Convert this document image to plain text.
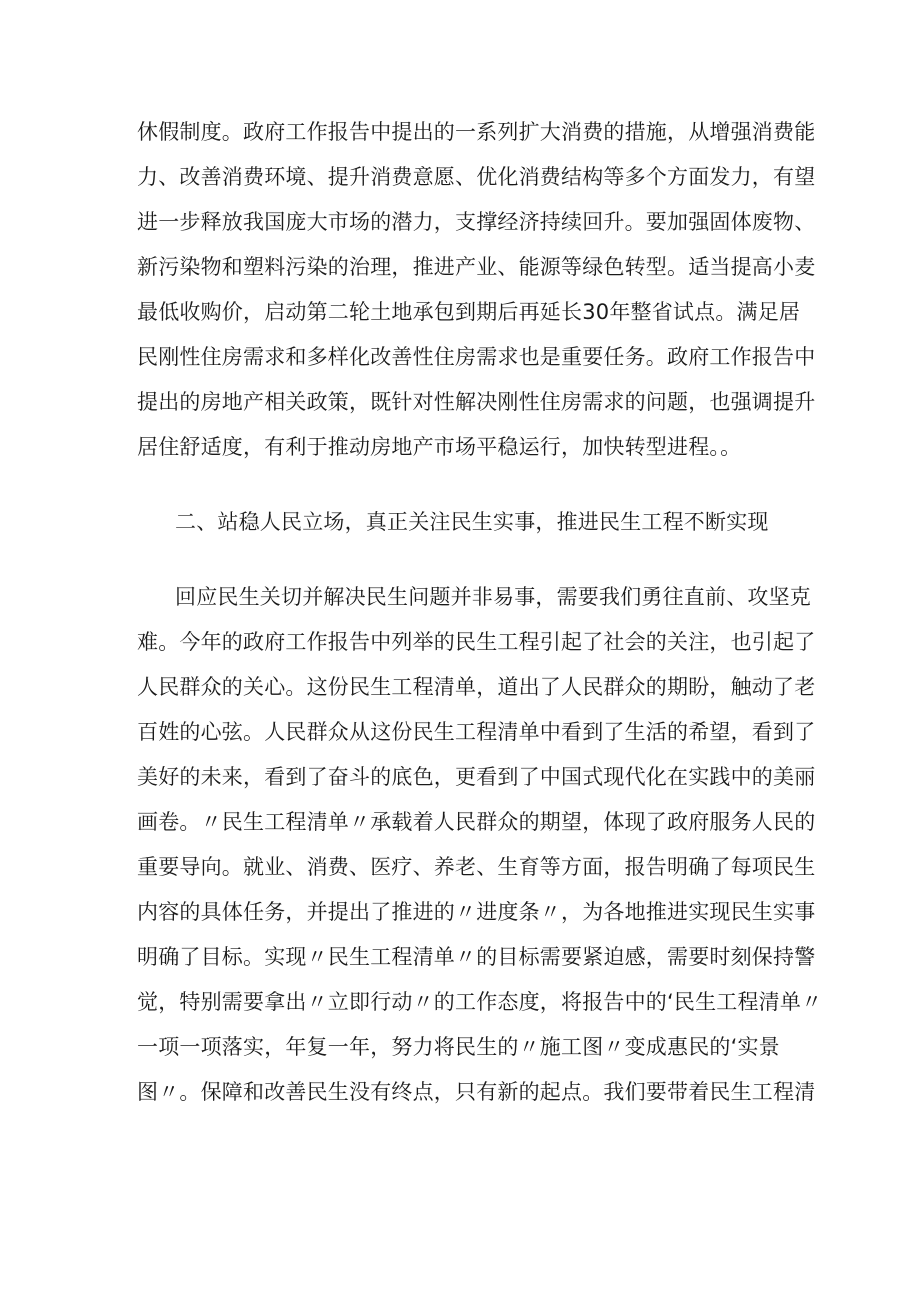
休假制度。政府工作报告中提出的一系列扩大消费的措施，从增强消费能
力、改善消费环境、提升消费意愿、优化消费结构等多个方面发力，有望
进一步释放我国庞大市场的潜力，支撑经济持续回升。要加强固体废物、
新污染物和塑料污染的治理，推进产业、能源等绿色转型。适当提高小麦
最低收购价，启动第二轮土地承包到期后再延长30年整省试点。满足居
民刚性住房需求和多样化改善性住房需求也是重要任务。政府工作报告中
提出的房地产相关政策，既针对性解决刚性住房需求的问题，也强调提升
居住舒适度，有利于推动房地产市场平稳运行，加快转型进程。。
二、站稳人民立场，真正关注民生实事，推进民生工程不断实现
回应民生关切并解决民生问题并非易事，需要我们勇往直前、攻坚克
难。今年的政府工作报告中列举的民生工程引起了社会的关注，也引起了
人民群众的关心。这份民生工程清单，道出了人民群众的期盼，触动了老
百姓的心弦。人民群众从这份民生工程清单中看到了生活的希望，看到了
美好的未来，看到了奋斗的底色，更看到了中国式现代化在实践中的美丽
画卷。〃民生工程清单〃承载着人民群众的期望，体现了政府服务人民的
重要导向。就业、消费、医疗、养老、生育等方面，报告明确了每项民生
内容的具体任务，并提出了推进的〃进度条〃，为各地推进实现民生实事
明确了目标。实现〃民生工程清单〃的目标需要紧迫感，需要时刻保持警
觉，特别需要拿出〃立即行动〃的工作态度，将报告中的‘民生工程清单〃
一项一项落实，年复一年，努力将民生的〃施工图〃变成惠民的‘实景
图〃。保障和改善民生没有终点，只有新的起点。我们要带着民生工程清
